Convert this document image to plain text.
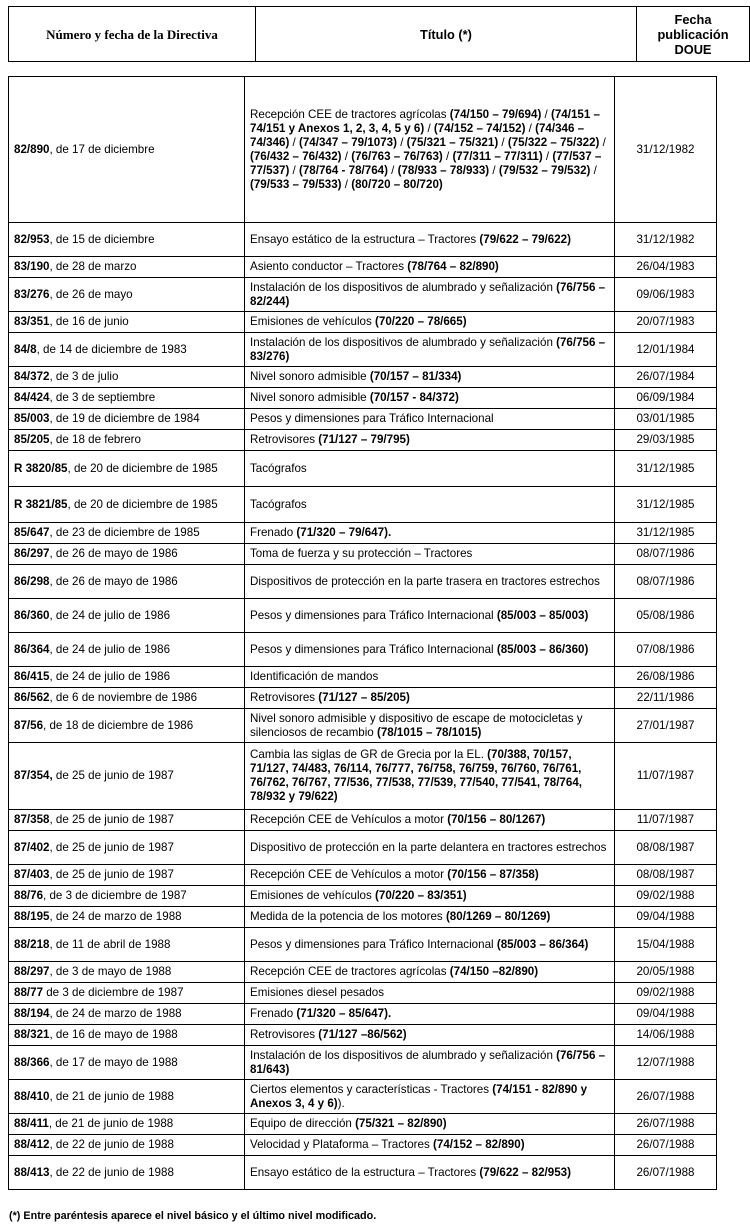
Número y fecha de la Directiva	Título (*)	Fecha
publicación
DOUE
82/890, de 17 de diciembre	Recepción CEE de tractores agrícolas (74/150 – 79/694) / (74/151 – 74/151 y Anexos 1, 2, 3, 4, 5 y 6) / (74/152 – 74/152) / (74/346 – 74/346) / (74/347 – 79/1073) / (75/321 – 75/321) / (75/322 – 75/322) / (76/432 – 76/432) / (76/763 – 76/763) / (77/311 – 77/311) / (77/537 – 77/537) / (78/764 - 78/764) / (78/933 – 78/933) / (79/532 – 79/532) / (79/533 – 79/533) / (80/720 – 80/720)	31/12/1982
82/953, de 15 de diciembre	Ensayo estático de la estructura – Tractores (79/622 – 79/622)	31/12/1982
83/190, de 28 de marzo	Asiento conductor – Tractores (78/764 – 82/890)	26/04/1983
83/276, de 26 de mayo	Instalación de los dispositivos de alumbrado y señalización (76/756 –82/244)	09/06/1983
83/351, de 16 de junio	Emisiones de vehículos (70/220 – 78/665)	20/07/1983
84/8, de 14 de diciembre de 1983	Instalación de los dispositivos de alumbrado y señalización (76/756 – 83/276)	12/01/1984
84/372, de 3 de julio	Nivel sonoro admisible (70/157 – 81/334)	26/07/1984
84/424, de 3 de septiembre	Nivel sonoro admisible (70/157 - 84/372)	06/09/1984
85/003, de 19 de diciembre de 1984	Pesos y dimensiones para Tráfico Internacional	03/01/1985
85/205, de 18 de febrero	Retrovisores (71/127 – 79/795)	29/03/1985
R 3820/85, de 20 de diciembre de 1985	Tacógrafos	31/12/1985
R 3821/85, de 20 de diciembre de 1985	Tacógrafos	31/12/1985
85/647, de 23 de diciembre de 1985	Frenado (71/320 – 79/647).	31/12/1985
86/297, de 26 de mayo de 1986	Toma de fuerza y su protección – Tractores	08/07/1986
86/298, de 26 de mayo de 1986	Dispositivos de protección en la parte trasera en tractores estrechos	08/07/1986
86/360, de 24 de julio de 1986	Pesos y dimensiones para Tráfico Internacional (85/003 – 85/003)	05/08/1986
86/364, de 24 de julio de 1986	Pesos y dimensiones para Tráfico Internacional (85/003 – 86/360)	07/08/1986
86/415, de 24 de julio de 1986	Identificación de mandos	26/08/1986
86/562, de 6 de noviembre de 1986	Retrovisores (71/127 – 85/205)	22/11/1986
87/56, de 18 de diciembre de 1986	Nivel sonoro admisible y dispositivo de escape de motocicletas y silenciosos de recambio (78/1015 – 78/1015)	27/01/1987
87/354, de 25 de junio de 1987	Cambia las siglas de GR de Grecia por la EL. (70/388, 70/157, 71/127, 74/483, 76/114, 76/777, 76/758, 76/759, 76/760, 76/761, 76/762, 76/767, 77/536, 77/538, 77/539, 77/540, 77/541, 78/764, 78/932 y 79/622)	11/07/1987
87/358, de 25 de junio de 1987	Recepción CEE de Vehículos a motor (70/156 – 80/1267)	11/07/1987
87/402, de 25 de junio de 1987	Dispositivo de protección en la parte delantera en tractores estrechos	08/08/1987
87/403, de 25 de junio de 1987	Recepción CEE de Vehículos a motor (70/156 – 87/358)	08/08/1987
88/76, de 3 de diciembre de 1987	Emisiones de vehículos (70/220 – 83/351)	09/02/1988
88/195, de 24 de marzo de 1988	Medida de la potencia de los motores (80/1269 – 80/1269)	09/04/1988
88/218, de 11 de abril de 1988	Pesos y dimensiones para Tráfico Internacional (85/003 – 86/364)	15/04/1988
88/297, de 3 de mayo de 1988	Recepción CEE de tractores agrícolas (74/150 –82/890)	20/05/1988
88/77 de 3 de diciembre de 1987	Emisiones diesel pesados	09/02/1988
88/194, de 24 de marzo de 1988	Frenado (71/320 – 85/647).	09/04/1988
88/321, de 16 de mayo de 1988	Retrovisores (71/127 –86/562)	14/06/1988
88/366, de 17 de mayo de 1988	Instalación de los dispositivos de alumbrado y señalización (76/756 – 81/643)	12/07/1988
88/410, de 21 de junio de 1988	Ciertos elementos y características - Tractores (74/151 - 82/890 y Anexos 3, 4 y 6)).	26/07/1988
88/411, de 21 de junio de 1988	Equipo de dirección (75/321 – 82/890)	26/07/1988
88/412, de 22 de junio de 1988	Velocidad y Plataforma – Tractores (74/152 – 82/890)	26/07/1988
88/413, de 22 de junio de 1988	Ensayo estático de la estructura – Tractores (79/622 – 82/953)	26/07/1988
(*) Entre paréntesis aparece el nivel básico y el último nivel modificado.
